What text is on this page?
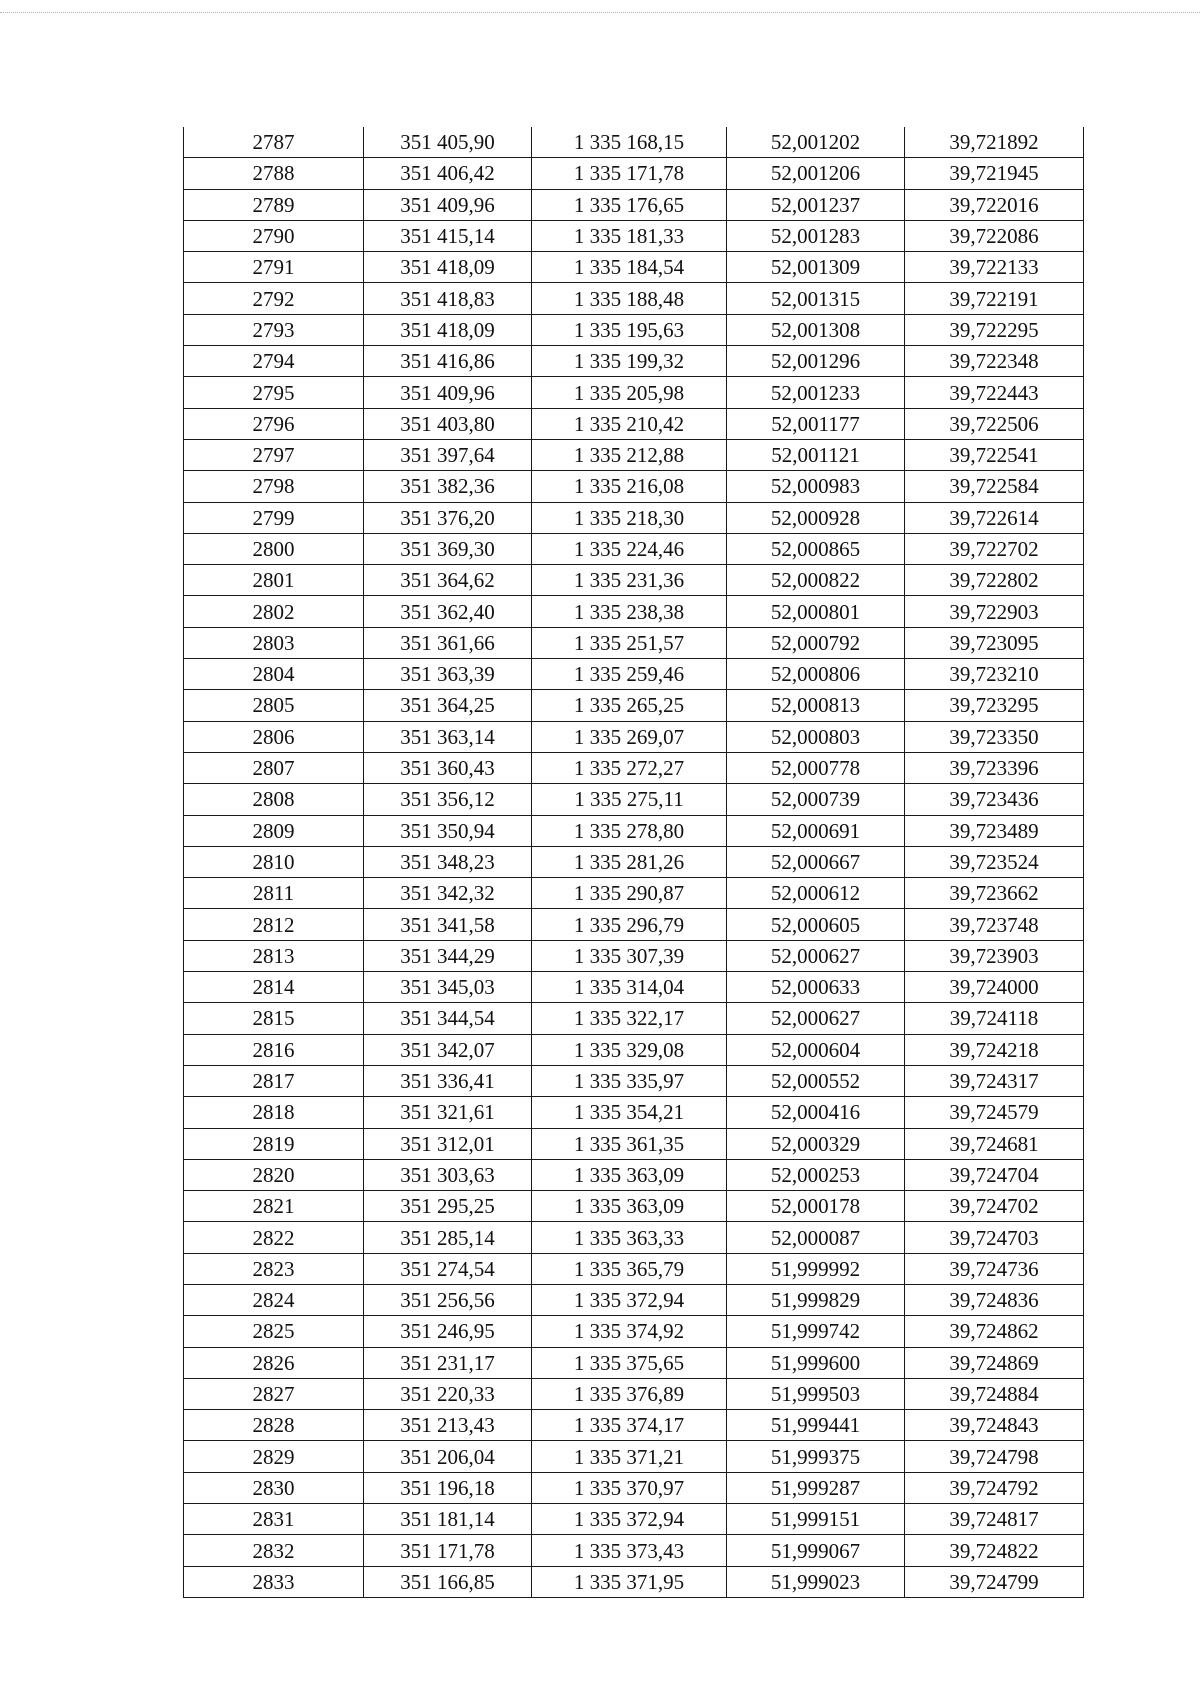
2787	351 405,90	1 335 168,15	52,001202	39,721892
2788	351 406,42	1 335 171,78	52,001206	39,721945
2789	351 409,96	1 335 176,65	52,001237	39,722016
2790	351 415,14	1 335 181,33	52,001283	39,722086
2791	351 418,09	1 335 184,54	52,001309	39,722133
2792	351 418,83	1 335 188,48	52,001315	39,722191
2793	351 418,09	1 335 195,63	52,001308	39,722295
2794	351 416,86	1 335 199,32	52,001296	39,722348
2795	351 409,96	1 335 205,98	52,001233	39,722443
2796	351 403,80	1 335 210,42	52,001177	39,722506
2797	351 397,64	1 335 212,88	52,001121	39,722541
2798	351 382,36	1 335 216,08	52,000983	39,722584
2799	351 376,20	1 335 218,30	52,000928	39,722614
2800	351 369,30	1 335 224,46	52,000865	39,722702
2801	351 364,62	1 335 231,36	52,000822	39,722802
2802	351 362,40	1 335 238,38	52,000801	39,722903
2803	351 361,66	1 335 251,57	52,000792	39,723095
2804	351 363,39	1 335 259,46	52,000806	39,723210
2805	351 364,25	1 335 265,25	52,000813	39,723295
2806	351 363,14	1 335 269,07	52,000803	39,723350
2807	351 360,43	1 335 272,27	52,000778	39,723396
2808	351 356,12	1 335 275,11	52,000739	39,723436
2809	351 350,94	1 335 278,80	52,000691	39,723489
2810	351 348,23	1 335 281,26	52,000667	39,723524
2811	351 342,32	1 335 290,87	52,000612	39,723662
2812	351 341,58	1 335 296,79	52,000605	39,723748
2813	351 344,29	1 335 307,39	52,000627	39,723903
2814	351 345,03	1 335 314,04	52,000633	39,724000
2815	351 344,54	1 335 322,17	52,000627	39,724118
2816	351 342,07	1 335 329,08	52,000604	39,724218
2817	351 336,41	1 335 335,97	52,000552	39,724317
2818	351 321,61	1 335 354,21	52,000416	39,724579
2819	351 312,01	1 335 361,35	52,000329	39,724681
2820	351 303,63	1 335 363,09	52,000253	39,724704
2821	351 295,25	1 335 363,09	52,000178	39,724702
2822	351 285,14	1 335 363,33	52,000087	39,724703
2823	351 274,54	1 335 365,79	51,999992	39,724736
2824	351 256,56	1 335 372,94	51,999829	39,724836
2825	351 246,95	1 335 374,92	51,999742	39,724862
2826	351 231,17	1 335 375,65	51,999600	39,724869
2827	351 220,33	1 335 376,89	51,999503	39,724884
2828	351 213,43	1 335 374,17	51,999441	39,724843
2829	351 206,04	1 335 371,21	51,999375	39,724798
2830	351 196,18	1 335 370,97	51,999287	39,724792
2831	351 181,14	1 335 372,94	51,999151	39,724817
2832	351 171,78	1 335 373,43	51,999067	39,724822
2833	351 166,85	1 335 371,95	51,999023	39,724799
